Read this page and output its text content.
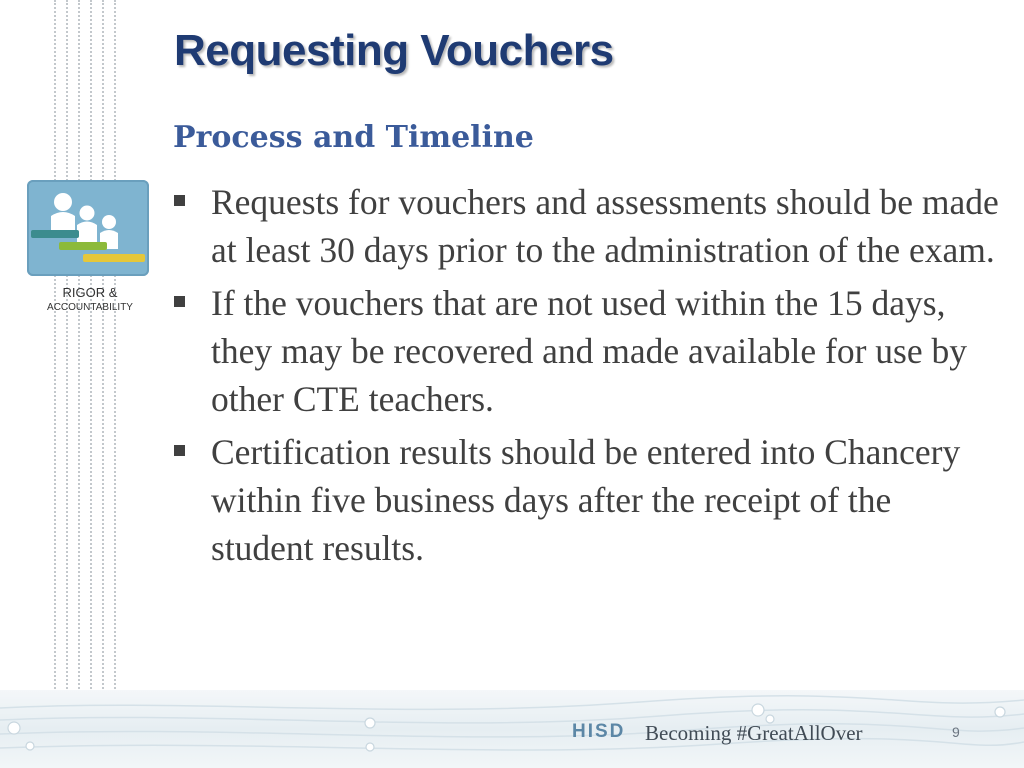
Requesting Vouchers
Process and Timeline
Requests for vouchers and assessments should be made at least 30 days prior to the administration of the exam.
If the vouchers that are not used within the 15 days, they may be recovered and made available for use by other CTE teachers.
Certification results should be entered into Chancery within five business days after the receipt of the student results.
RIGOR &
ACCOUNTABILITY
HISD Becoming #GreatAllOver	9
